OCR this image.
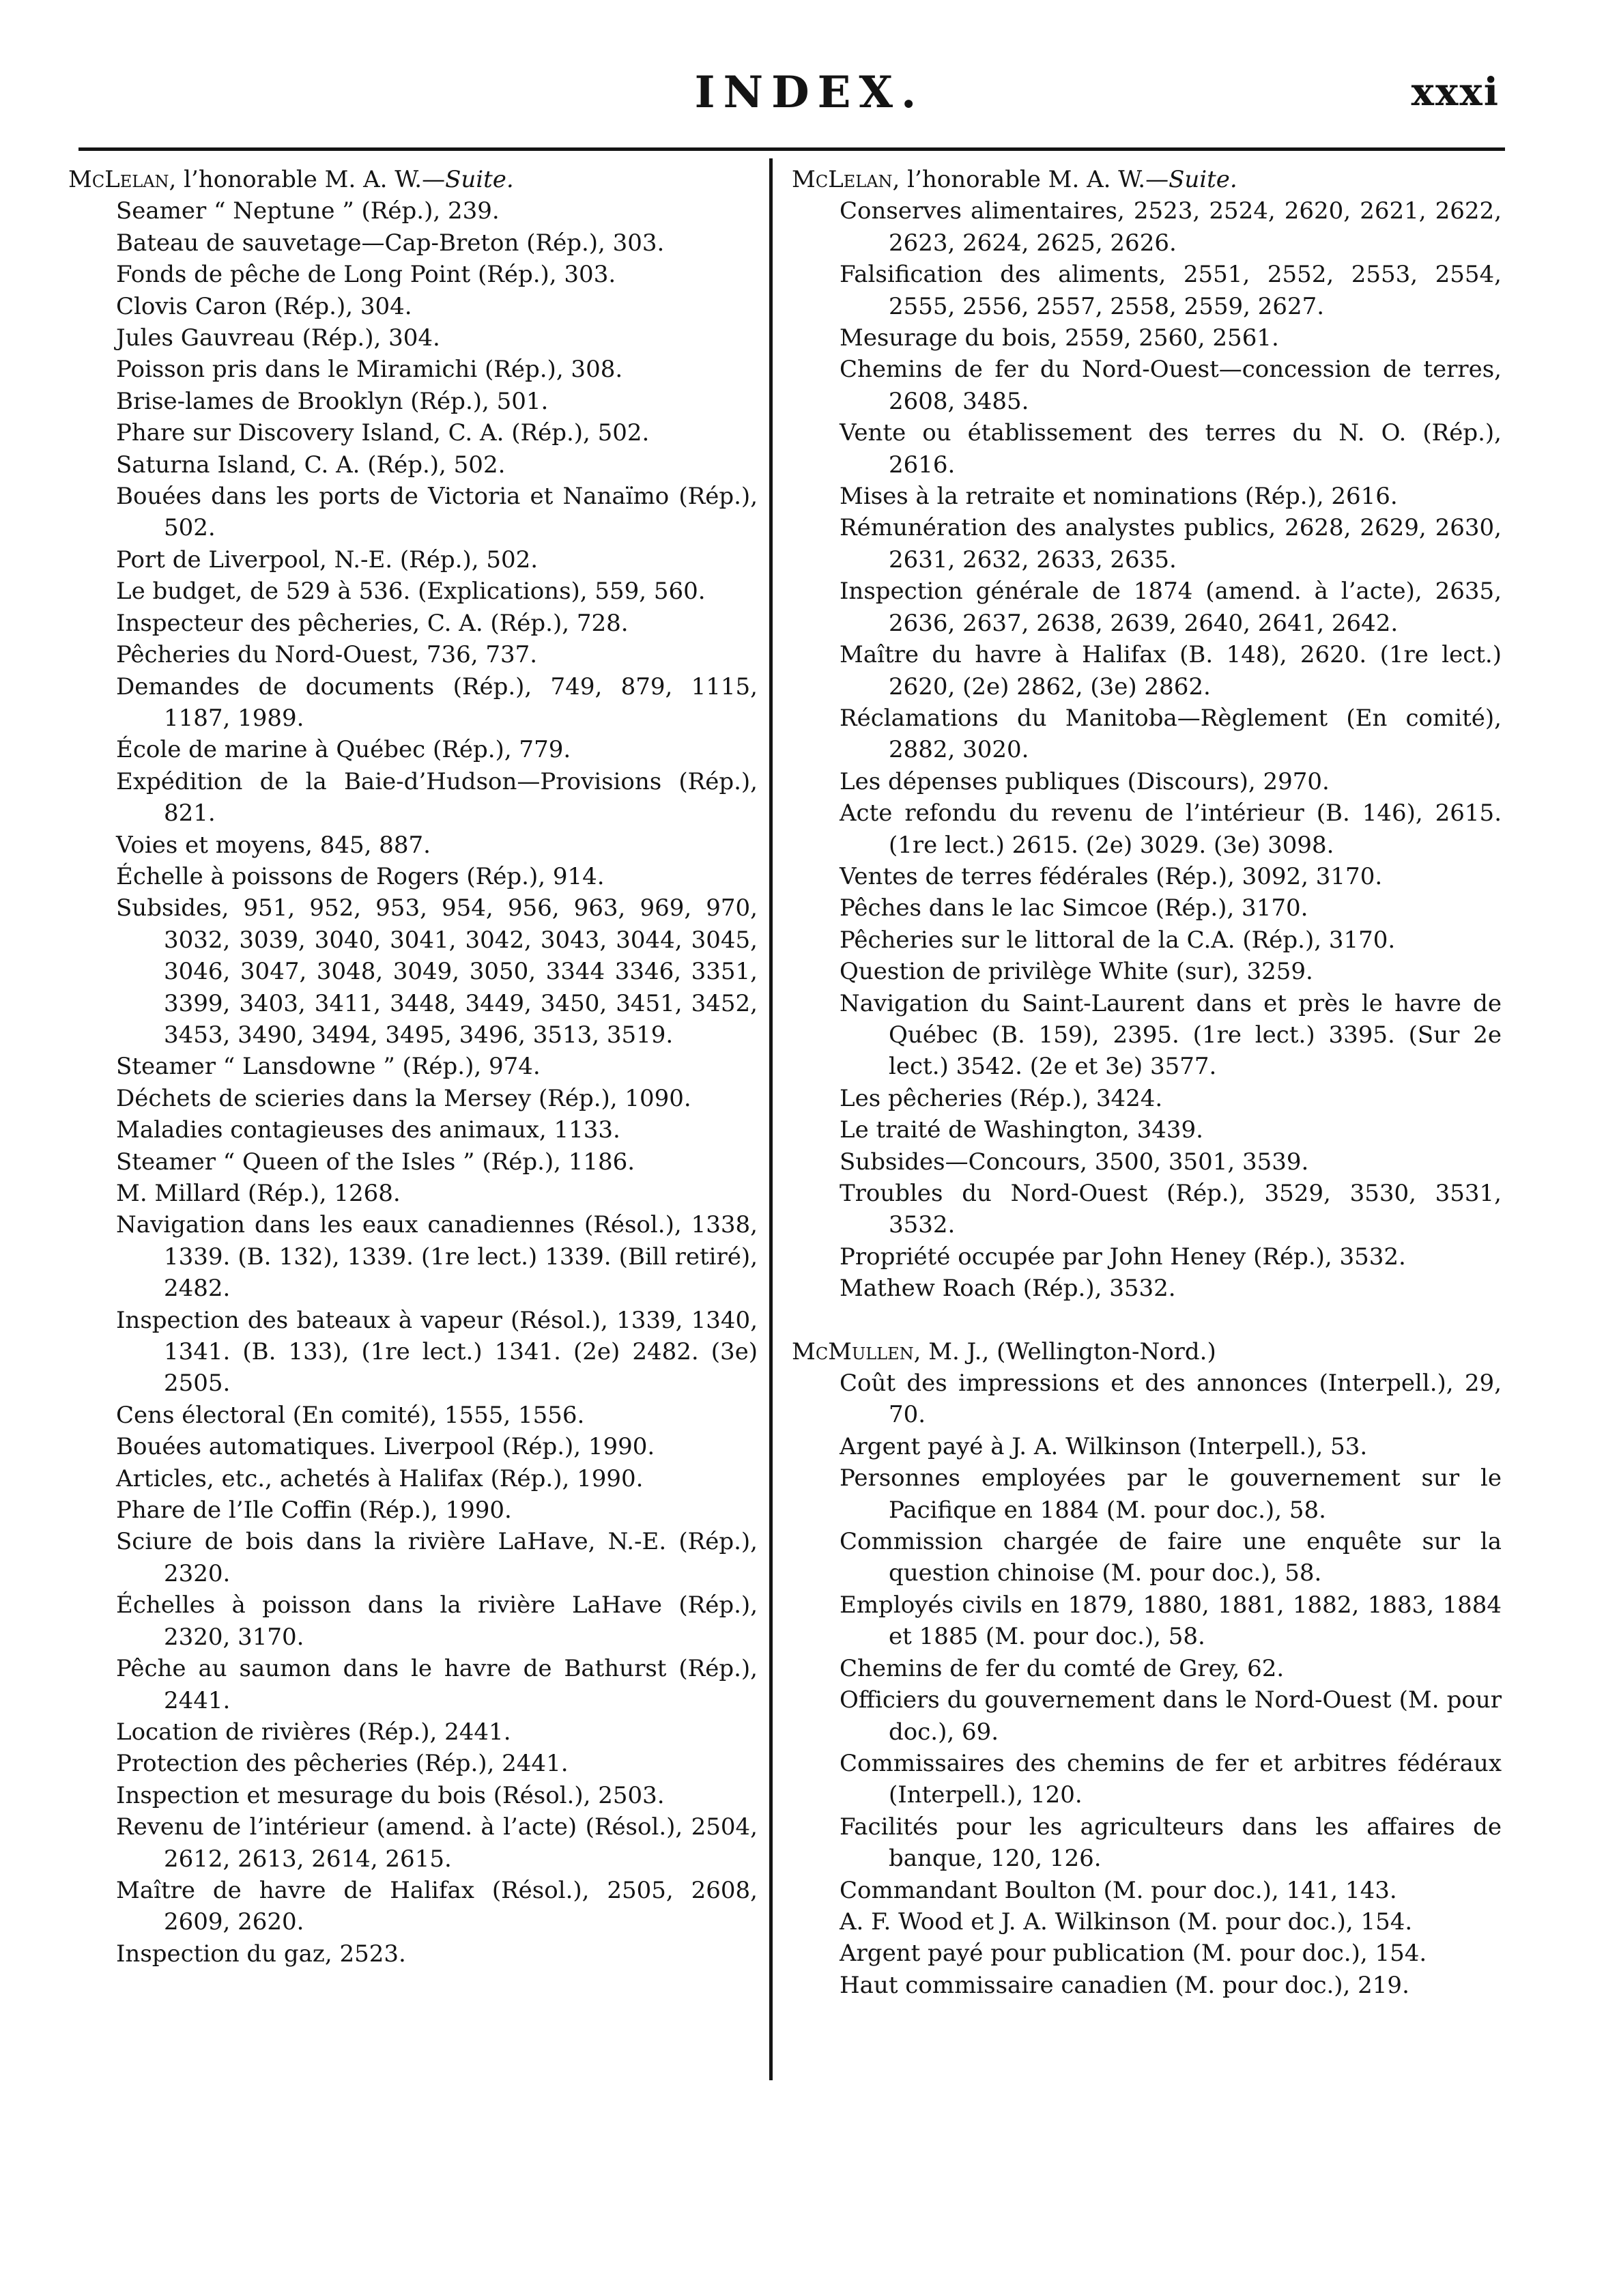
INDEX.	xxxi
McLelan, l’honorable M. A. W.—Suite.
Seamer “ Neptune ” (Rép.), 239.
Bateau de sauvetage—Cap-Breton (Rép.), 303.
Fonds de pêche de Long Point (Rép.), 303.
Clovis Caron (Rép.), 304.
Jules Gauvreau (Rép.), 304.
Poisson pris dans le Miramichi (Rép.), 308.
Brise-lames de Brooklyn (Rép.), 501.
Phare sur Discovery Island, C. A. (Rép.), 502.
Saturna Island, C. A. (Rép.), 502.
Bouées dans les ports de Victoria et Nanaïmo (Rép.), 502.
Port de Liverpool, N.-E. (Rép.), 502.
Le budget, de 529 à 536. (Explications), 559, 560.
Inspecteur des pêcheries, C. A. (Rép.), 728.
Pêcheries du Nord-Ouest, 736, 737.
Demandes de documents (Rép.), 749, 879, 1115, 1187, 1989.
École de marine à Québec (Rép.), 779.
Expédition de la Baie-d’Hudson—Provisions (Rép.), 821.
Voies et moyens, 845, 887.
Échelle à poissons de Rogers (Rép.), 914.
Subsides, 951, 952, 953, 954, 956, 963, 969, 970, 3032, 3039, 3040, 3041, 3042, 3043, 3044, 3045, 3046, 3047, 3048, 3049, 3050, 3344 3346, 3351, 3399, 3403, 3411, 3448, 3449, 3450, 3451, 3452, 3453, 3490, 3494, 3495, 3496, 3513, 3519.
Steamer “ Lansdowne ” (Rép.), 974.
Déchets de scieries dans la Mersey (Rép.), 1090.
Maladies contagieuses des animaux, 1133.
Steamer “ Queen of the Isles ” (Rép.), 1186.
M. Millard (Rép.), 1268.
Navigation dans les eaux canadiennes (Résol.), 1338, 1339. (B. 132), 1339. (1re lect.) 1339. (Bill retiré), 2482.
Inspection des bateaux à vapeur (Résol.), 1339, 1340, 1341. (B. 133), (1re lect.) 1341. (2e) 2482. (3e) 2505.
Cens électoral (En comité), 1555, 1556.
Bouées automatiques. Liverpool (Rép.), 1990.
Articles, etc., achetés à Halifax (Rép.), 1990.
Phare de l’Ile Coffin (Rép.), 1990.
Sciure de bois dans la rivière LaHave, N.-E. (Rép.), 2320.
Échelles à poisson dans la rivière LaHave (Rép.), 2320, 3170.
Pêche au saumon dans le havre de Bathurst (Rép.), 2441.
Location de rivières (Rép.), 2441.
Protection des pêcheries (Rép.), 2441.
Inspection et mesurage du bois (Résol.), 2503.
Revenu de l’intérieur (amend. à l’acte) (Résol.), 2504, 2612, 2613, 2614, 2615.
Maître de havre de Halifax (Résol.), 2505, 2608, 2609, 2620.
Inspection du gaz, 2523.
McLelan, l’honorable M. A. W.—Suite.
Conserves alimentaires, 2523, 2524, 2620, 2621, 2622, 2623, 2624, 2625, 2626.
Falsification des aliments, 2551, 2552, 2553, 2554, 2555, 2556, 2557, 2558, 2559, 2627.
Mesurage du bois, 2559, 2560, 2561.
Chemins de fer du Nord-Ouest—concession de terres, 2608, 3485.
Vente ou établissement des terres du N. O. (Rép.), 2616.
Mises à la retraite et nominations (Rép.), 2616.
Rémunération des analystes publics, 2628, 2629, 2630, 2631, 2632, 2633, 2635.
Inspection générale de 1874 (amend. à l’acte), 2635, 2636, 2637, 2638, 2639, 2640, 2641, 2642.
Maître du havre à Halifax (B. 148), 2620. (1re lect.) 2620, (2e) 2862, (3e) 2862.
Réclamations du Manitoba—Règlement (En comité), 2882, 3020.
Les dépenses publiques (Discours), 2970.
Acte refondu du revenu de l’intérieur (B. 146), 2615. (1re lect.) 2615. (2e) 3029. (3e) 3098.
Ventes de terres fédérales (Rép.), 3092, 3170.
Pêches dans le lac Simcoe (Rép.), 3170.
Pêcheries sur le littoral de la C.A. (Rép.), 3170.
Question de privilège White (sur), 3259.
Navigation du Saint-Laurent dans et près le havre de Québec (B. 159), 2395. (1re lect.) 3395. (Sur 2e lect.) 3542. (2e et 3e) 3577.
Les pêcheries (Rép.), 3424.
Le traité de Washington, 3439.
Subsides—Concours, 3500, 3501, 3539.
Troubles du Nord-Ouest (Rép.), 3529, 3530, 3531, 3532.
Propriété occupée par John Heney (Rép.), 3532.
Mathew Roach (Rép.), 3532.
McMullen, M. J., (Wellington-Nord.)
Coût des impressions et des annonces (Interpell.), 29, 70.
Argent payé à J. A. Wilkinson (Interpell.), 53.
Personnes employées par le gouvernement sur le Pacifique en 1884 (M. pour doc.), 58.
Commission chargée de faire une enquête sur la question chinoise (M. pour doc.), 58.
Employés civils en 1879, 1880, 1881, 1882, 1883, 1884 et 1885 (M. pour doc.), 58.
Chemins de fer du comté de Grey, 62.
Officiers du gouvernement dans le Nord-Ouest (M. pour doc.), 69.
Commissaires des chemins de fer et arbitres fédéraux (Interpell.), 120.
Facilités pour les agriculteurs dans les affaires de banque, 120, 126.
Commandant Boulton (M. pour doc.), 141, 143.
A. F. Wood et J. A. Wilkinson (M. pour doc.), 154.
Argent payé pour publication (M. pour doc.), 154.
Haut commissaire canadien (M. pour doc.), 219.
